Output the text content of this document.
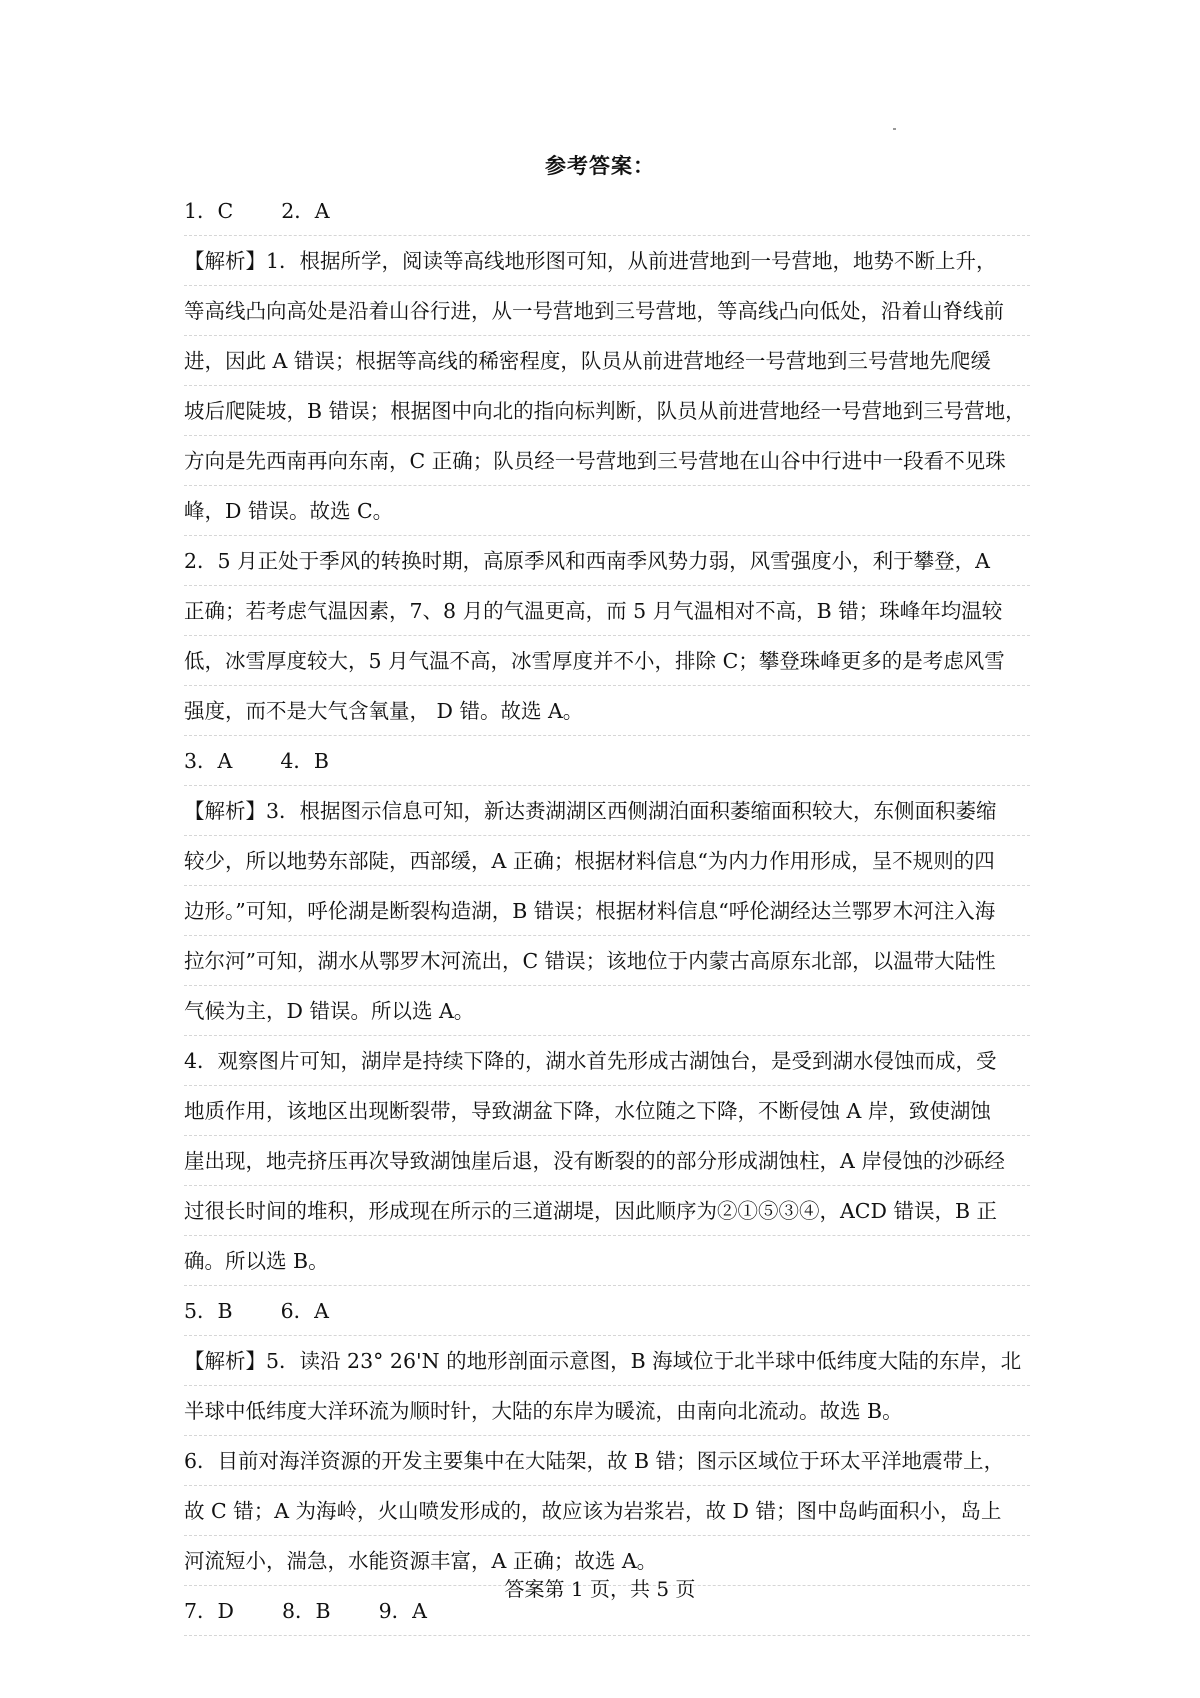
参考答案：
1．C 2．A
【解析】1．根据所学，阅读等高线地形图可知，从前进营地到一号营地，地势不断上升，
等高线凸向高处是沿着山谷行进，从一号营地到三号营地，等高线凸向低处，沿着山脊线前
进，因此 A 错误；根据等高线的稀密程度，队员从前进营地经一号营地到三号营地先爬缓
坡后爬陡坡，B 错误；根据图中向北的指向标判断，队员从前进营地经一号营地到三号营地，
方向是先西南再向东南，C 正确；队员经一号营地到三号营地在山谷中行进中一段看不见珠
峰，D 错误。故选 C。
2．5 月正处于季风的转换时期，高原季风和西南季风势力弱，风雪强度小，利于攀登，A
正确；若考虑气温因素，7、8 月的气温更高，而 5 月气温相对不高，B 错；珠峰年均温较
低，冰雪厚度较大，5 月气温不高，冰雪厚度并不小，排除 C；攀登珠峰更多的是考虑风雪
强度，而不是大气含氧量， D 错。故选 A。
3．A 4．B
【解析】3．根据图示信息可知，新达赉湖湖区西侧湖泊面积萎缩面积较大，东侧面积萎缩
较少，所以地势东部陡，西部缓，A 正确；根据材料信息“为内力作用形成，呈不规则的四
边形。”可知，呼伦湖是断裂构造湖，B 错误；根据材料信息“呼伦湖经达兰鄂罗木河注入海
拉尔河”可知，湖水从鄂罗木河流出，C 错误；该地位于内蒙古高原东北部，以温带大陆性
气候为主，D 错误。所以选 A。
4．观察图片可知，湖岸是持续下降的，湖水首先形成古湖蚀台，是受到湖水侵蚀而成，受
地质作用，该地区出现断裂带，导致湖盆下降，水位随之下降，不断侵蚀 A 岸，致使湖蚀
崖出现，地壳挤压再次导致湖蚀崖后退，没有断裂的的部分形成湖蚀柱，A 岸侵蚀的沙砾经
过很长时间的堆积，形成现在所示的三道湖堤，因此顺序为②①⑤③④，ACD 错误，B 正
确。所以选 B。
5．B 6．A
【解析】5．读沿 23° 26'N 的地形剖面示意图，B 海域位于北半球中低纬度大陆的东岸，北
半球中低纬度大洋环流为顺时针，大陆的东岸为暖流，由南向北流动。故选 B。
6．目前对海洋资源的开发主要集中在大陆架，故 B 错；图示区域位于环太平洋地震带上，
故 C 错；A 为海岭，火山喷发形成的，故应该为岩浆岩，故 D 错；图中岛屿面积小，岛上
河流短小，湍急，水能资源丰富，A 正确；故选 A。
7．D 8．B 9．A
答案第 1 页，共 5 页
